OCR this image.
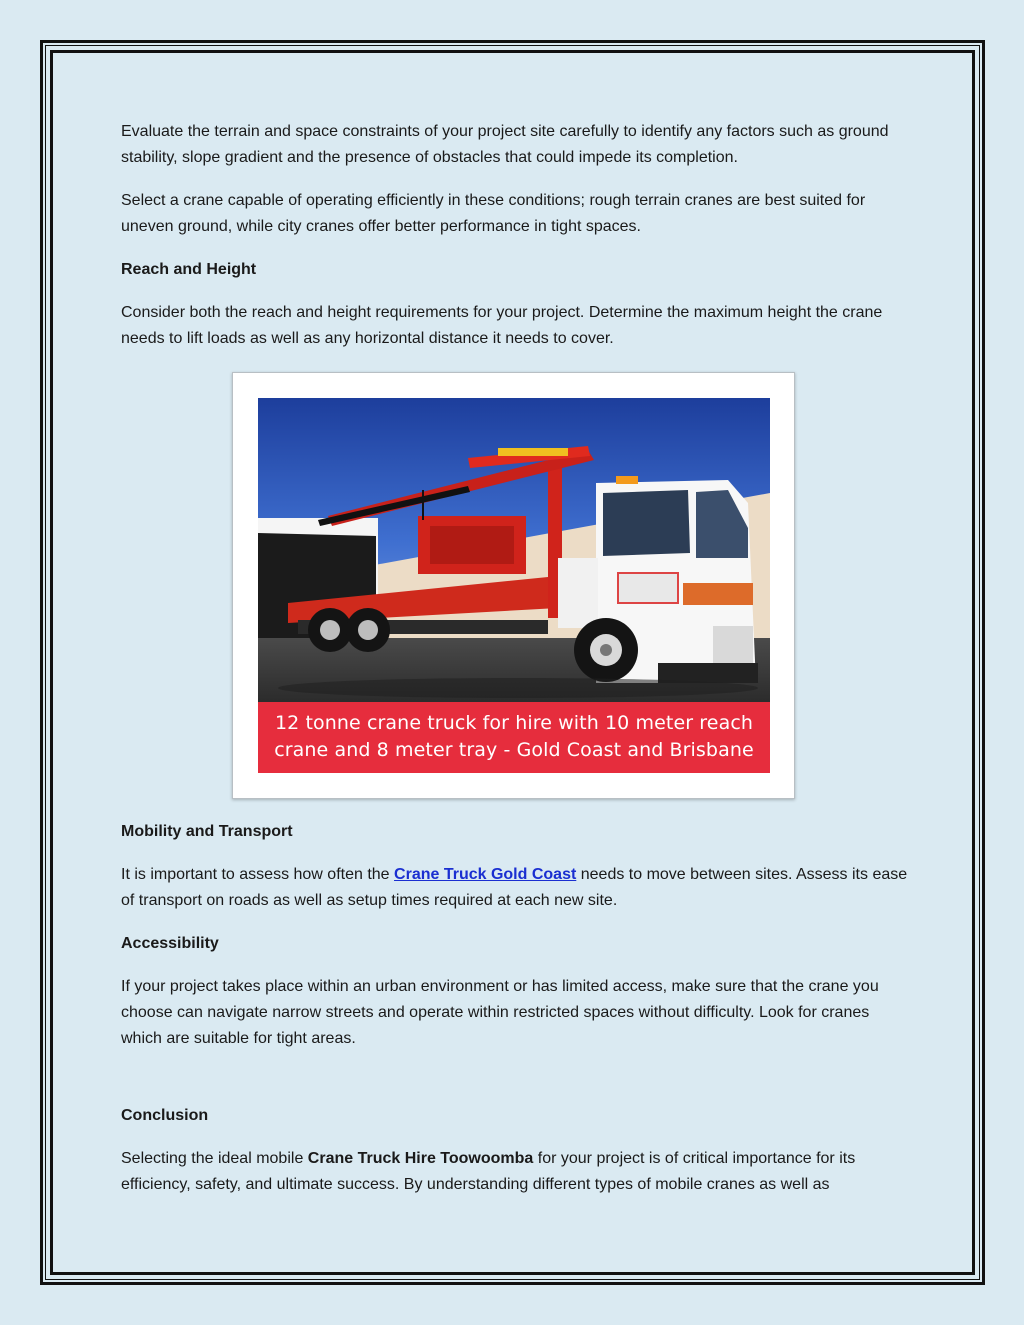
Evaluate the terrain and space constraints of your project site carefully to identify any factors such as ground stability, slope gradient and the presence of obstacles that could impede its completion.

Select a crane capable of operating efficiently in these conditions; rough terrain cranes are best suited for uneven ground, while city cranes offer better performance in tight spaces.

Reach and Height

Consider both the reach and height requirements for your project. Determine the maximum height the crane needs to lift loads as well as any horizontal distance it needs to cover.

12 tonne crane truck for hire with 10 meter reach
crane and 8 meter tray - Gold Coast and Brisbane

Mobility and Transport

It is important to assess how often the Crane Truck Gold Coast needs to move between sites. Assess its ease of transport on roads as well as setup times required at each new site.

Accessibility

If your project takes place within an urban environment or has limited access, make sure that the crane you choose can navigate narrow streets and operate within restricted spaces without difficulty. Look for cranes which are suitable for tight areas.

Conclusion

Selecting the ideal mobile Crane Truck Hire Toowoomba for your project is of critical importance for its efficiency, safety, and ultimate success. By understanding different types of mobile cranes as well as
